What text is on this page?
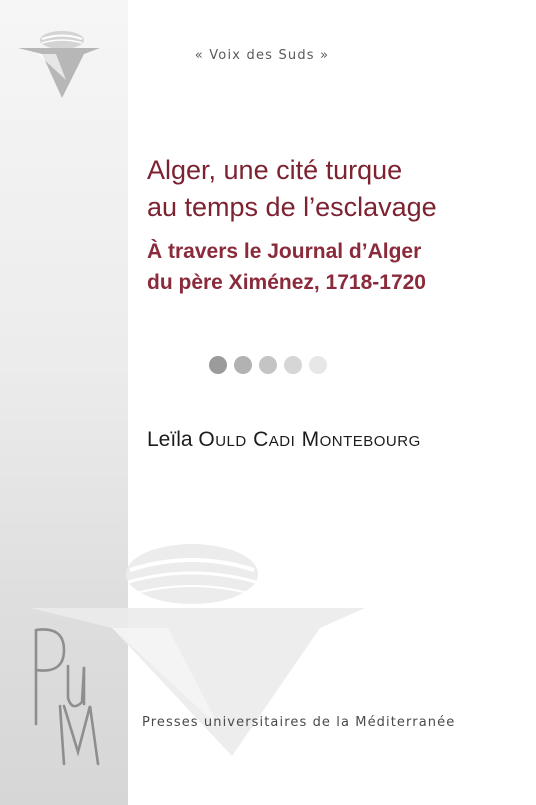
« Voix des Suds »

Alger, une cité turque
au temps de l’esclavage
À travers le Journal d’Alger
du père Ximénez, 1718-1720

Leïla Ould Cadi Montebourg

Presses universitaires de la Méditerranée
